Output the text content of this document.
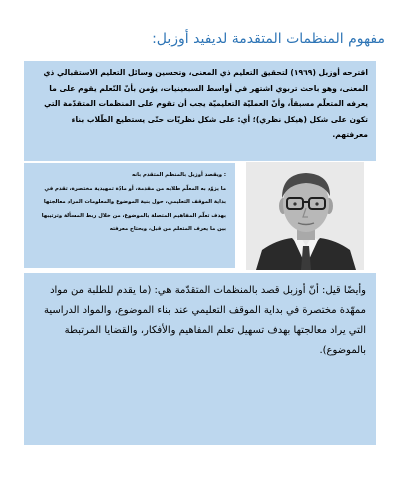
مفهوم المنظمات المتقدمة لديفيد أوزبل:

اقترحه أوزبل (١٩٦٩) لتحقيق التعليم ذي المعنى، وتحسين وسائل التعليم الاستقبالي ذي المعنى، وهو باحث تربوي اشتهر في أواسط السبعينيات، يؤمن بأنّ التّعلم يقوم على ما يعرفه المتعلّم مسبقاً، وأنّ العمليّة التعليميّة يجب أن تقوم على المنظمات المتقدّمة التي تكون على شكل (هيكل نظري)؛ أي: على شكل نظريّات حتّى يستطيع الطّلاب بناء معرفتهم.

: ويقصد أوزبل بالمنظم المتقدم بانه

ما يزوّد به المعلّم طلابه من مقدمة، أو مادّة تمهيدية مختصرة، تقدم في بداية الموقف التعليمي، حول بنية الموضوع والمعلومات المراد معالجتها بهدف تعلّم المفاهيم المتصلة بالموضوع، من خلال ربط المسألة وترتيبها بين ما يعرف المتعلم من قبل، وبحتاج معرفته

وأيضًا قيل: أنّ أوزبل قصد بالمنظمات المتقدّمة هي: (ما يقدم للطلبة من مواد ممهّدة مختصرة في بداية الموقف التعليمي عند بناء الموضوع، والمواد الدراسية التي يراد معالجتها بهدف تسهيل تعلم المفاهيم والأفكار، والقضايا المرتبطة بالموضوع).
